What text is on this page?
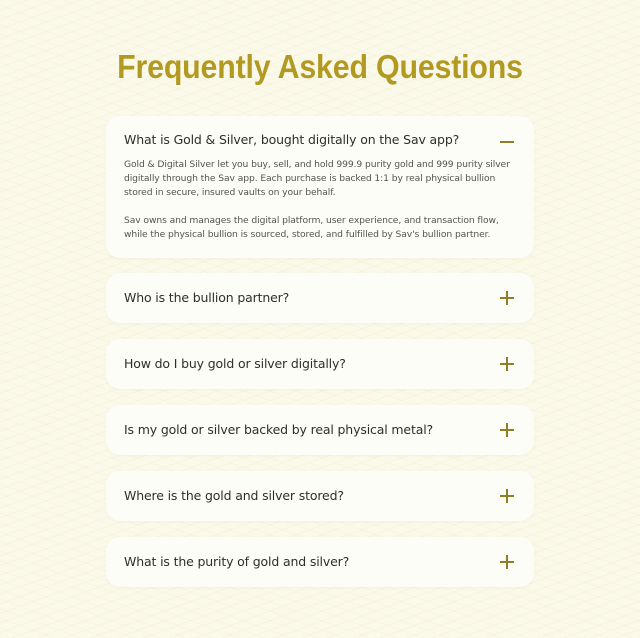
Frequently Asked Questions
What is Gold & Silver, bought digitally on the Sav app?

Gold & Digital Silver let you buy, sell, and hold 999.9 purity gold and 999 purity silver digitally through the Sav app. Each purchase is backed 1:1 by real physical bullion stored in secure, insured vaults on your behalf.

Sav owns and manages the digital platform, user experience, and transaction flow, while the physical bullion is sourced, stored, and fulfilled by Sav's bullion partner.

Who is the bullion partner?
How do I buy gold or silver digitally?
Is my gold or silver backed by real physical metal?
Where is the gold and silver stored?
What is the purity of gold and silver?
